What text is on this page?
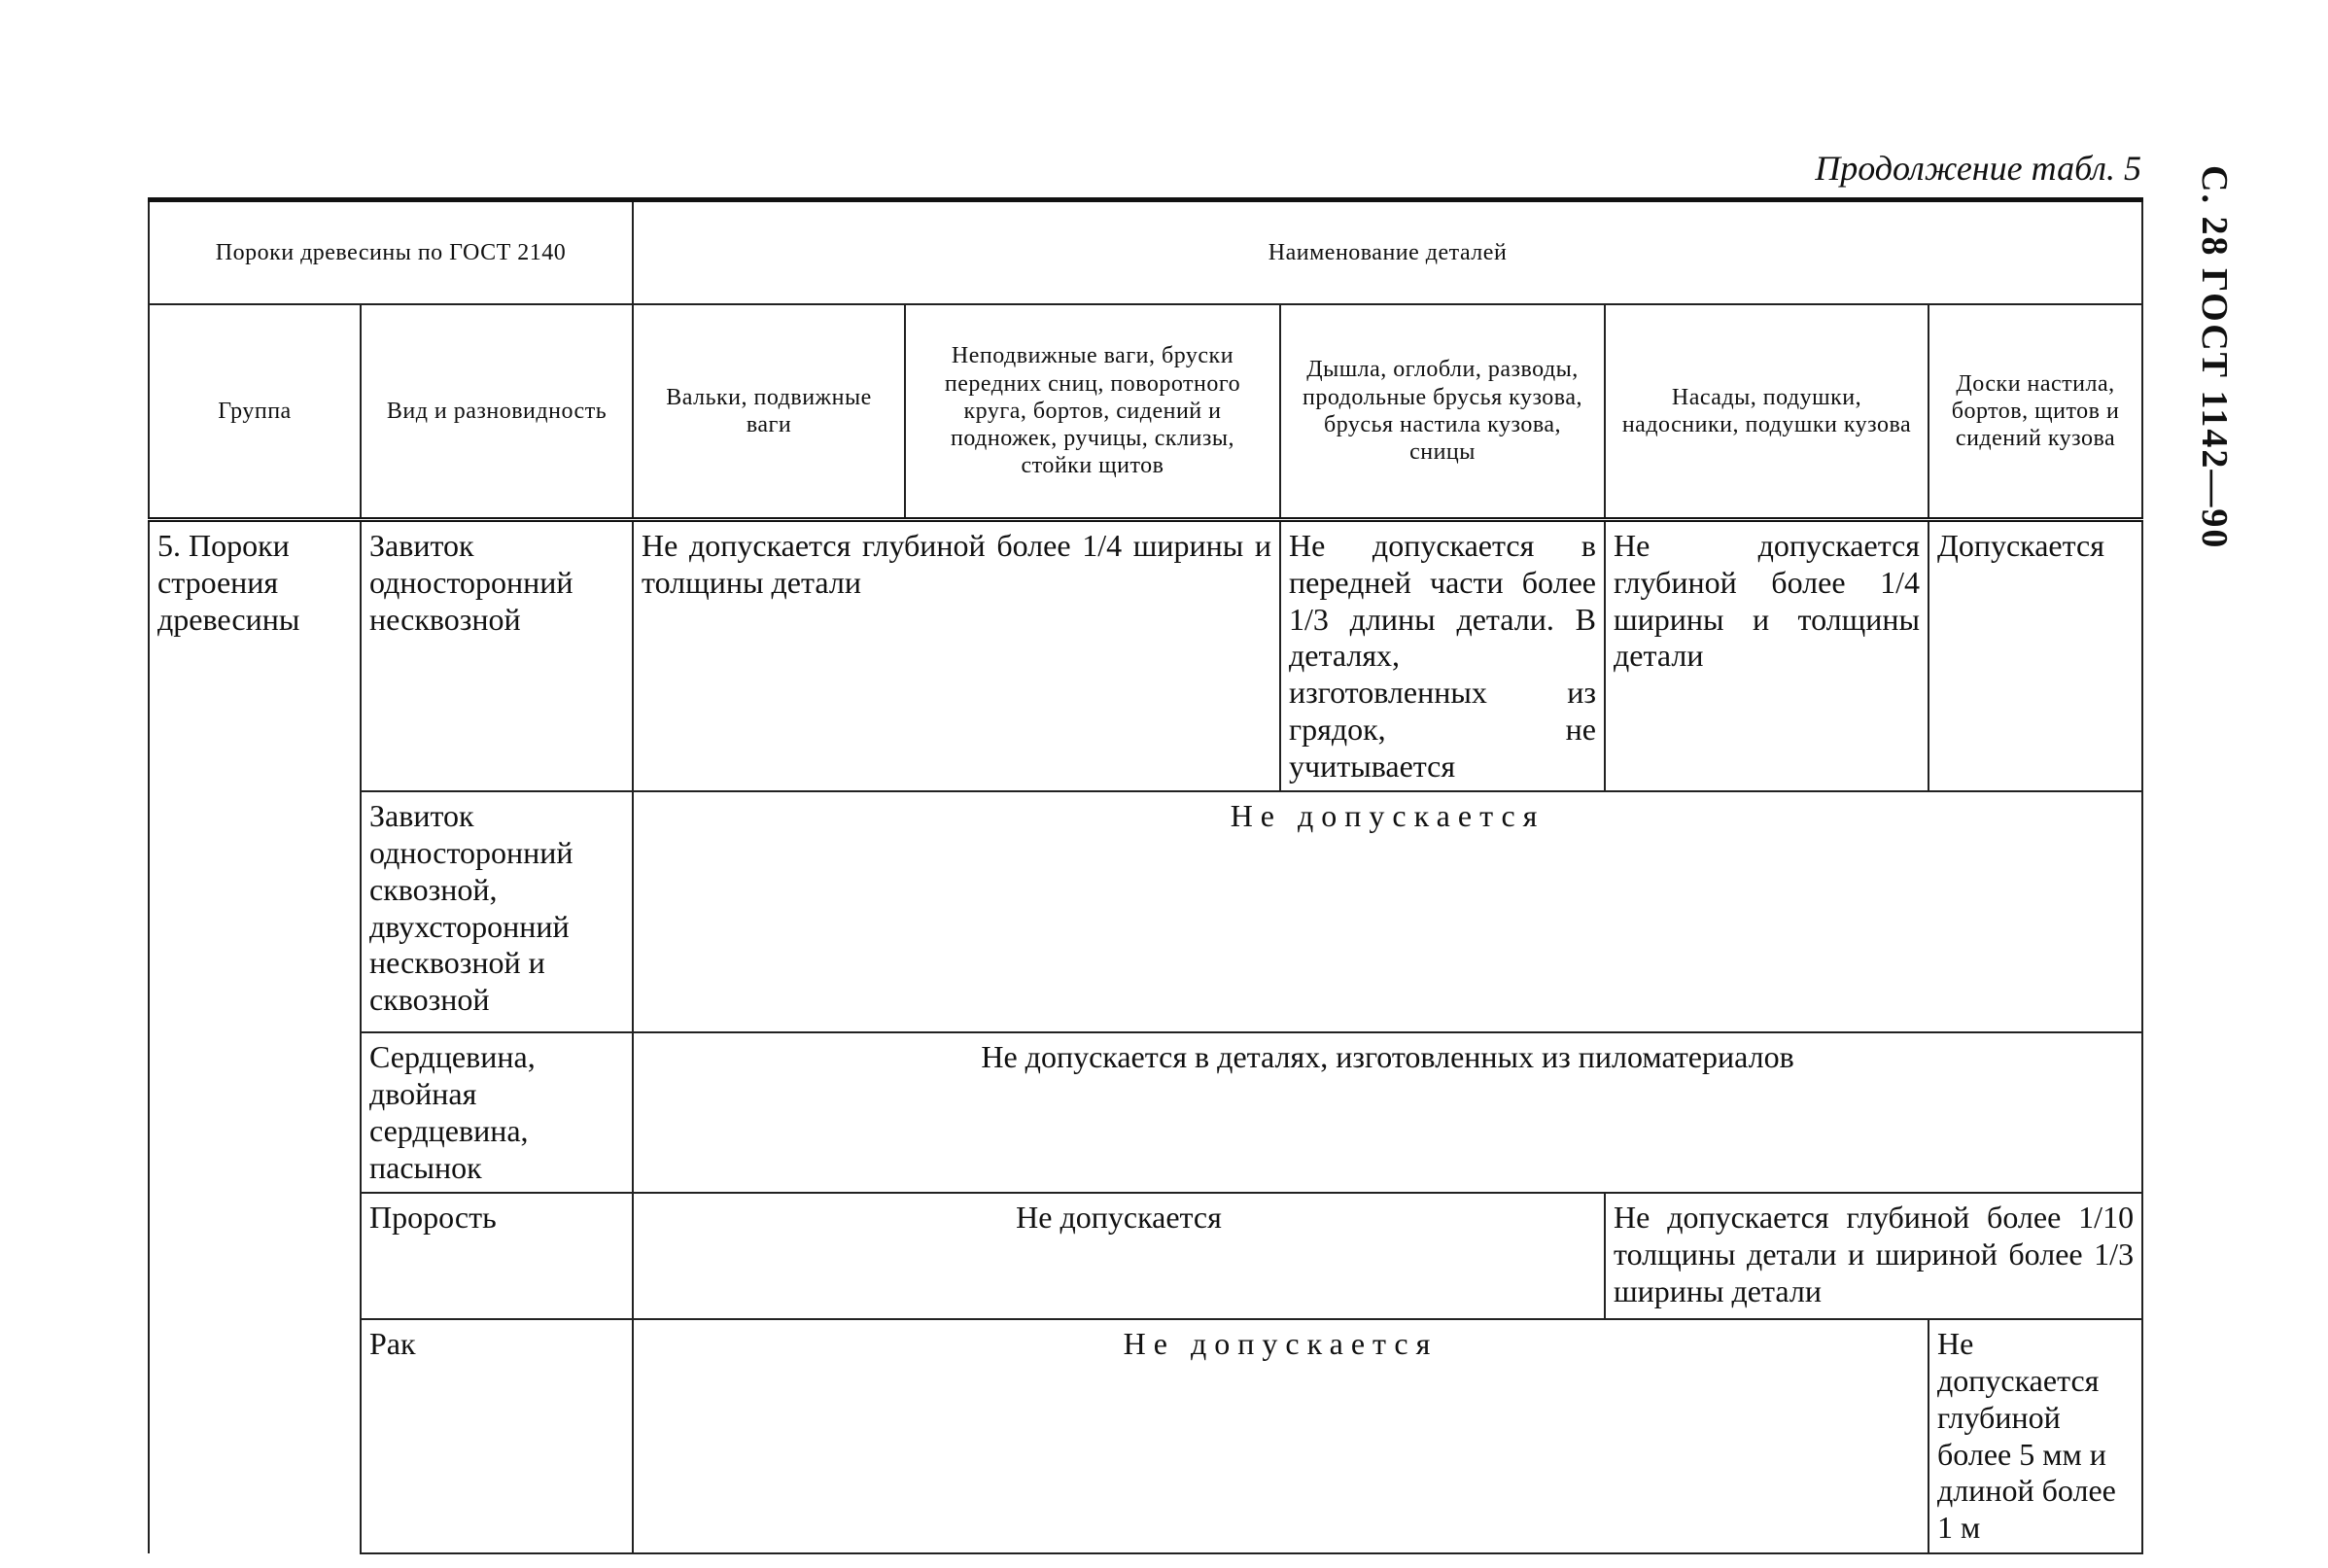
Продолжение табл. 5	С. 28 ГОСТ 1142—90
Пороки древесины по ГОСТ 2140		Наименование деталей				
Группа	Вид и разновидность	Вальки, подвижные ваги	Неподвижные ваги, бруски передних сниц, поворотного круга, бортов, сидений и подножек, ручицы, склизы, стойки щитов	Дышла, оглобли, разводы, продольные брусья кузова, брусья настила кузова, сницы	Насады, подушки, надосники, подушки кузова	Доски настила, бортов, щитов и сидений кузова
5. Пороки строения древесины	Завиток односторонний несквозной	Не допускается глубиной более 1/4 ширины и толщины детали		Не допускается в передней части более 1/3 длины детали. В деталях, изготовленных из грядок, не учитывается	Не допускается глубиной более 1/4 ширины и толщины детали	Допускается
	Завиток односторонний сквозной, двухсторонний несквозной и сквозной	Не допускается				
	Сердцевина, двойная сердцевина, пасынок	Не допускается в деталях, изготовленных из пиломатериалов				
	Прорость	Не допускается			Не допускается глубиной более 1/10 толщины детали и шириной более 1/3 ширины детали	
	Рак	Не допускается				Не допускается глубиной более 5 мм и длиной более 1 м
